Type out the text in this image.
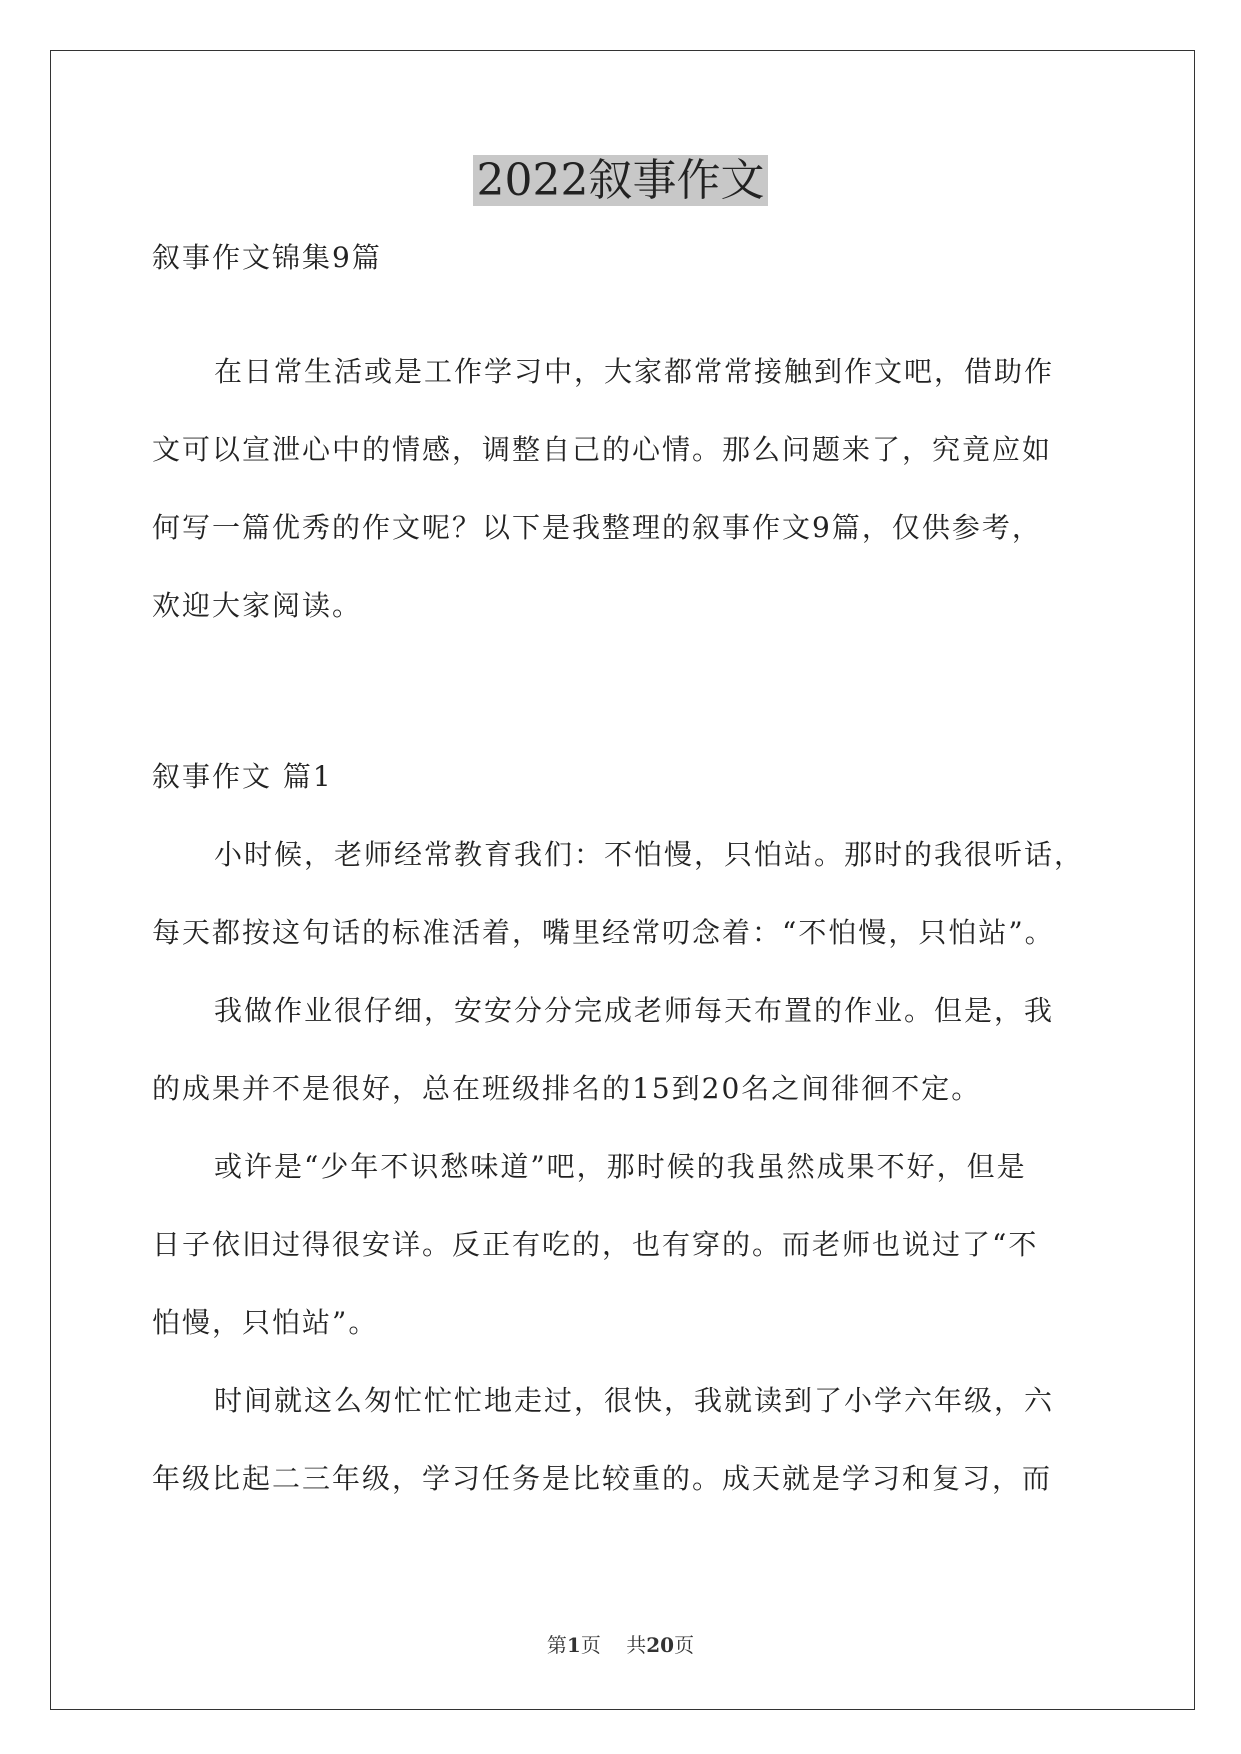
2022叙事作文
叙事作文锦集9篇
在日常生活或是工作学习中，大家都常常接触到作文吧，借助作
文可以宣泄心中的情感，调整自己的心情。那么问题来了，究竟应如
何写一篇优秀的作文呢？以下是我整理的叙事作文9篇，仅供参考，
欢迎大家阅读。
叙事作文 篇1
小时候，老师经常教育我们：不怕慢，只怕站。那时的我很听话，
每天都按这句话的标准活着，嘴里经常叨念着：“不怕慢，只怕站”。
我做作业很仔细，安安分分完成老师每天布置的作业。但是，我
的成果并不是很好，总在班级排名的15到20名之间徘徊不定。
或许是“少年不识愁味道”吧，那时候的我虽然成果不好，但是
日子依旧过得很安详。反正有吃的，也有穿的。而老师也说过了“不
怕慢，只怕站”。
时间就这么匆忙忙忙地走过，很快，我就读到了小学六年级，六
年级比起二三年级，学习任务是比较重的。成天就是学习和复习，而
第1页 共20页
